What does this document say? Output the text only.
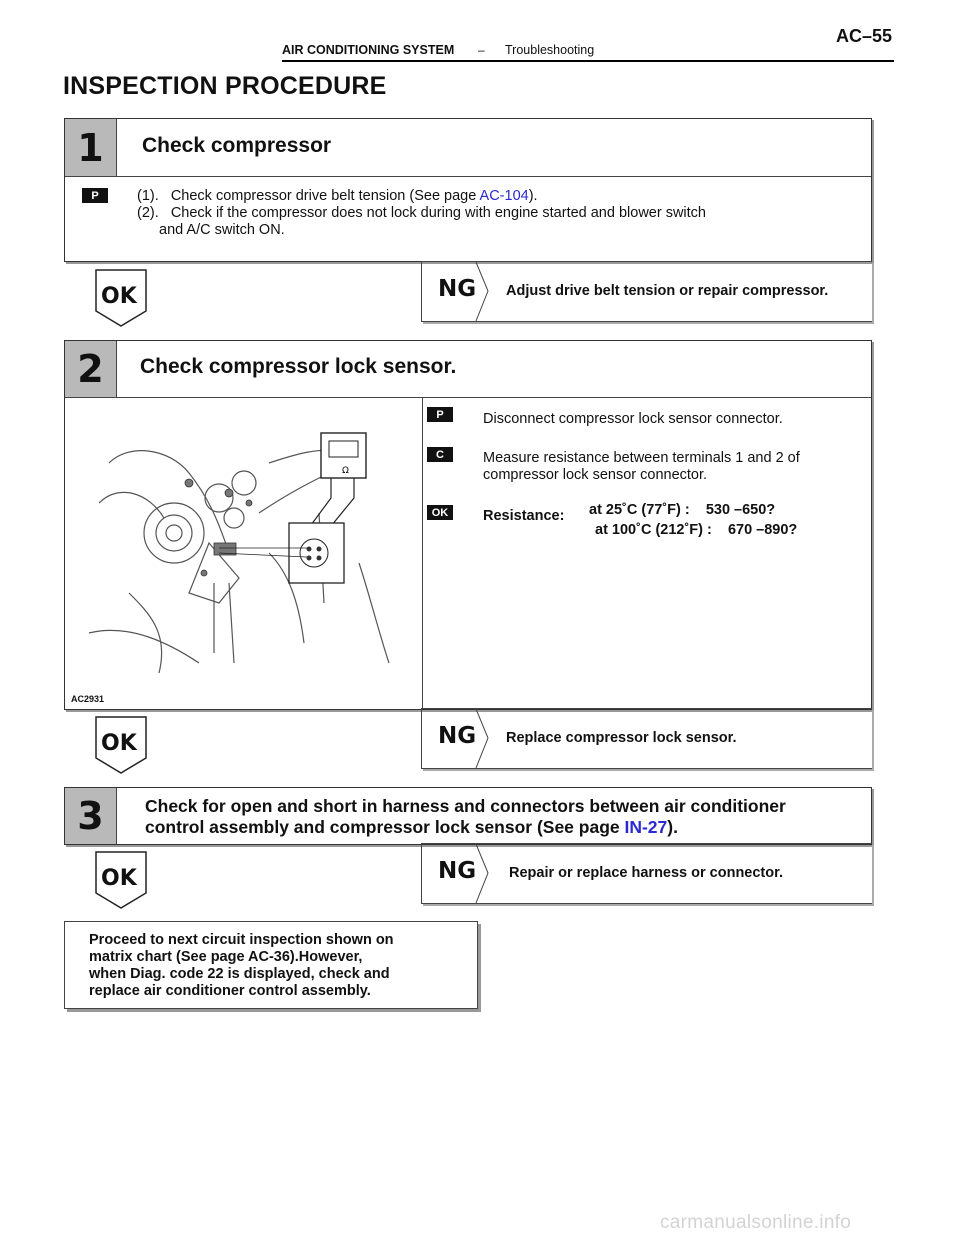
AIR CONDITIONING SYSTEM – Troubleshooting
AC–55
INSPECTION PROCEDURE
1 Check compressor
P	(1).   Check compressor drive belt tension (See page AC-104).
(2).   Check if the compressor does not lock during with engine started and blower switch
and A/C switch ON.
OK	NG Adjust drive belt tension or repair compressor.
2 Check compressor lock sensor.
Ω
AC2931
P	Disconnect compressor lock sensor connector.
C	Measure resistance between terminals 1 and 2 of
compressor lock sensor connector.
OK	Resistance: at 25˚C (77˚F) :    530 –650?
at 100˚C (212˚F) :    670 –890?
OK	NG Replace compressor lock sensor.
3 Check for open and short in harness and connectors between air conditioner
control assembly and compressor lock sensor (See page IN-27).
OK	NG Repair or replace harness or connector.
Proceed to next circuit inspection shown on
matrix chart (See page AC-36).However,
when Diag. code 22 is displayed, check and
replace air conditioner control assembly.
carmanualsonline.info
